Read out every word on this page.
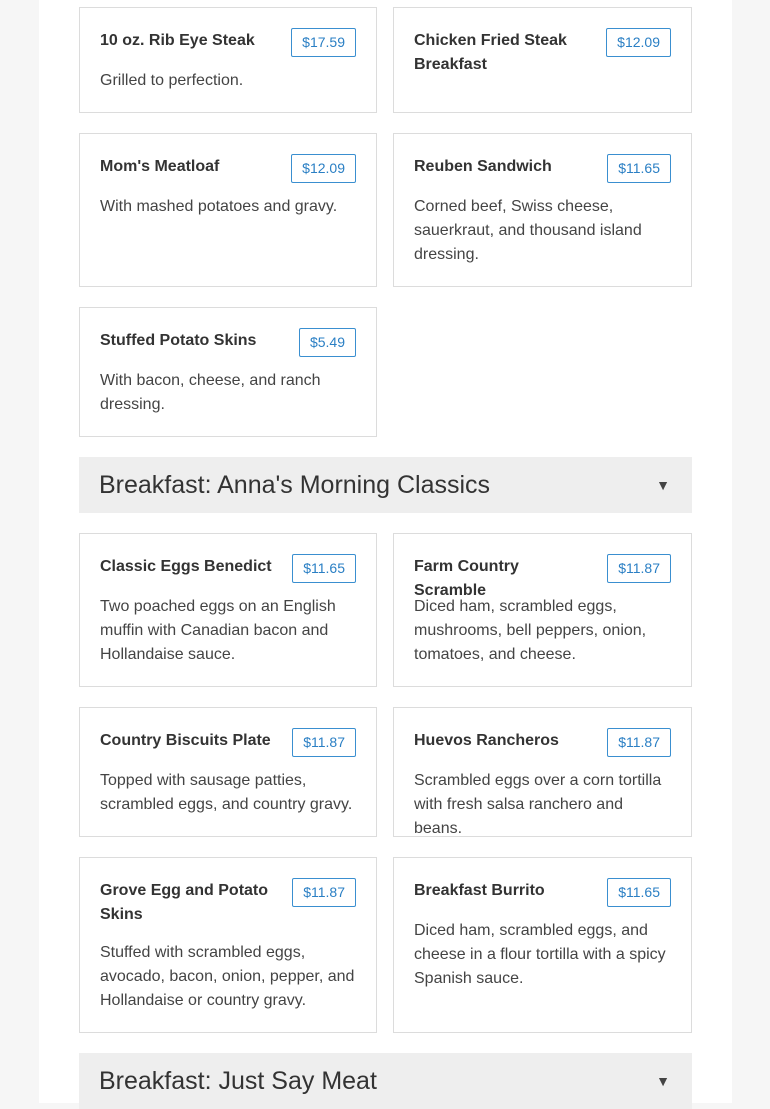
10 oz. Rib Eye Steak	$17.59
Grilled to perfection.
Chicken Fried Steak Breakfast
$12.09
Mom's Meatloaf	$12.09
With mashed potatoes and gravy.
Reuben Sandwich	$11.65
Corned beef, Swiss cheese, sauerkraut, and thousand island dressing.
Stuffed Potato Skins	$5.49
With bacon, cheese, and ranch dressing.
Breakfast: Anna's Morning Classics	▼
Classic Eggs Benedict	$11.65
Two poached eggs on an English muffin with Canadian bacon and Hollandaise sauce.
Farm Country Scramble
$11.87
Diced ham, scrambled eggs, mushrooms, bell peppers, onion, tomatoes, and cheese.
Country Biscuits Plate	$11.87
Topped with sausage patties, scrambled eggs, and country gravy.
Huevos Rancheros	$11.87
Scrambled eggs over a corn tortilla with fresh salsa ranchero and beans.
Grove Egg and Potato Skins
$11.87
Stuffed with scrambled eggs, avocado, bacon, onion, pepper, and Hollandaise or country gravy.
Breakfast Burrito	$11.65
Diced ham, scrambled eggs, and cheese in a flour tortilla with a spicy Spanish sauce.
Breakfast: Just Say Meat	▼
